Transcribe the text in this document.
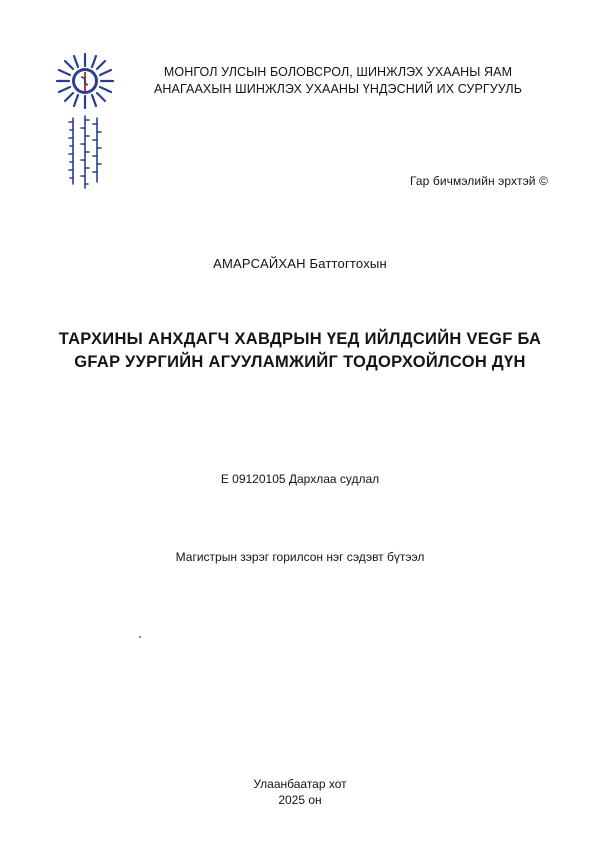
МОНГОЛ УЛСЫН БОЛОВСРОЛ, ШИНЖЛЭХ УХААНЫ ЯАМ
АНАГААХЫН ШИНЖЛЭХ УХААНЫ ҮНДЭСНИЙ ИХ СУРГУУЛЬ
Гар бичмэлийн эрхтэй ©
АМАРСАЙХАН Баттогтохын
ТАРХИНЫ АНХДАГЧ ХАВДРЫН ҮЕД ИЙЛДСИЙН VEGF БА
GFAP УУРГИЙН АГУУЛАМЖИЙГ ТОДОРХОЙЛСОН ДҮН
E 09120105 Дархлаа судлал
Магистрын зэрэг горилсон нэг сэдэвт бүтээл
Улаанбаатар хот
2025 он
